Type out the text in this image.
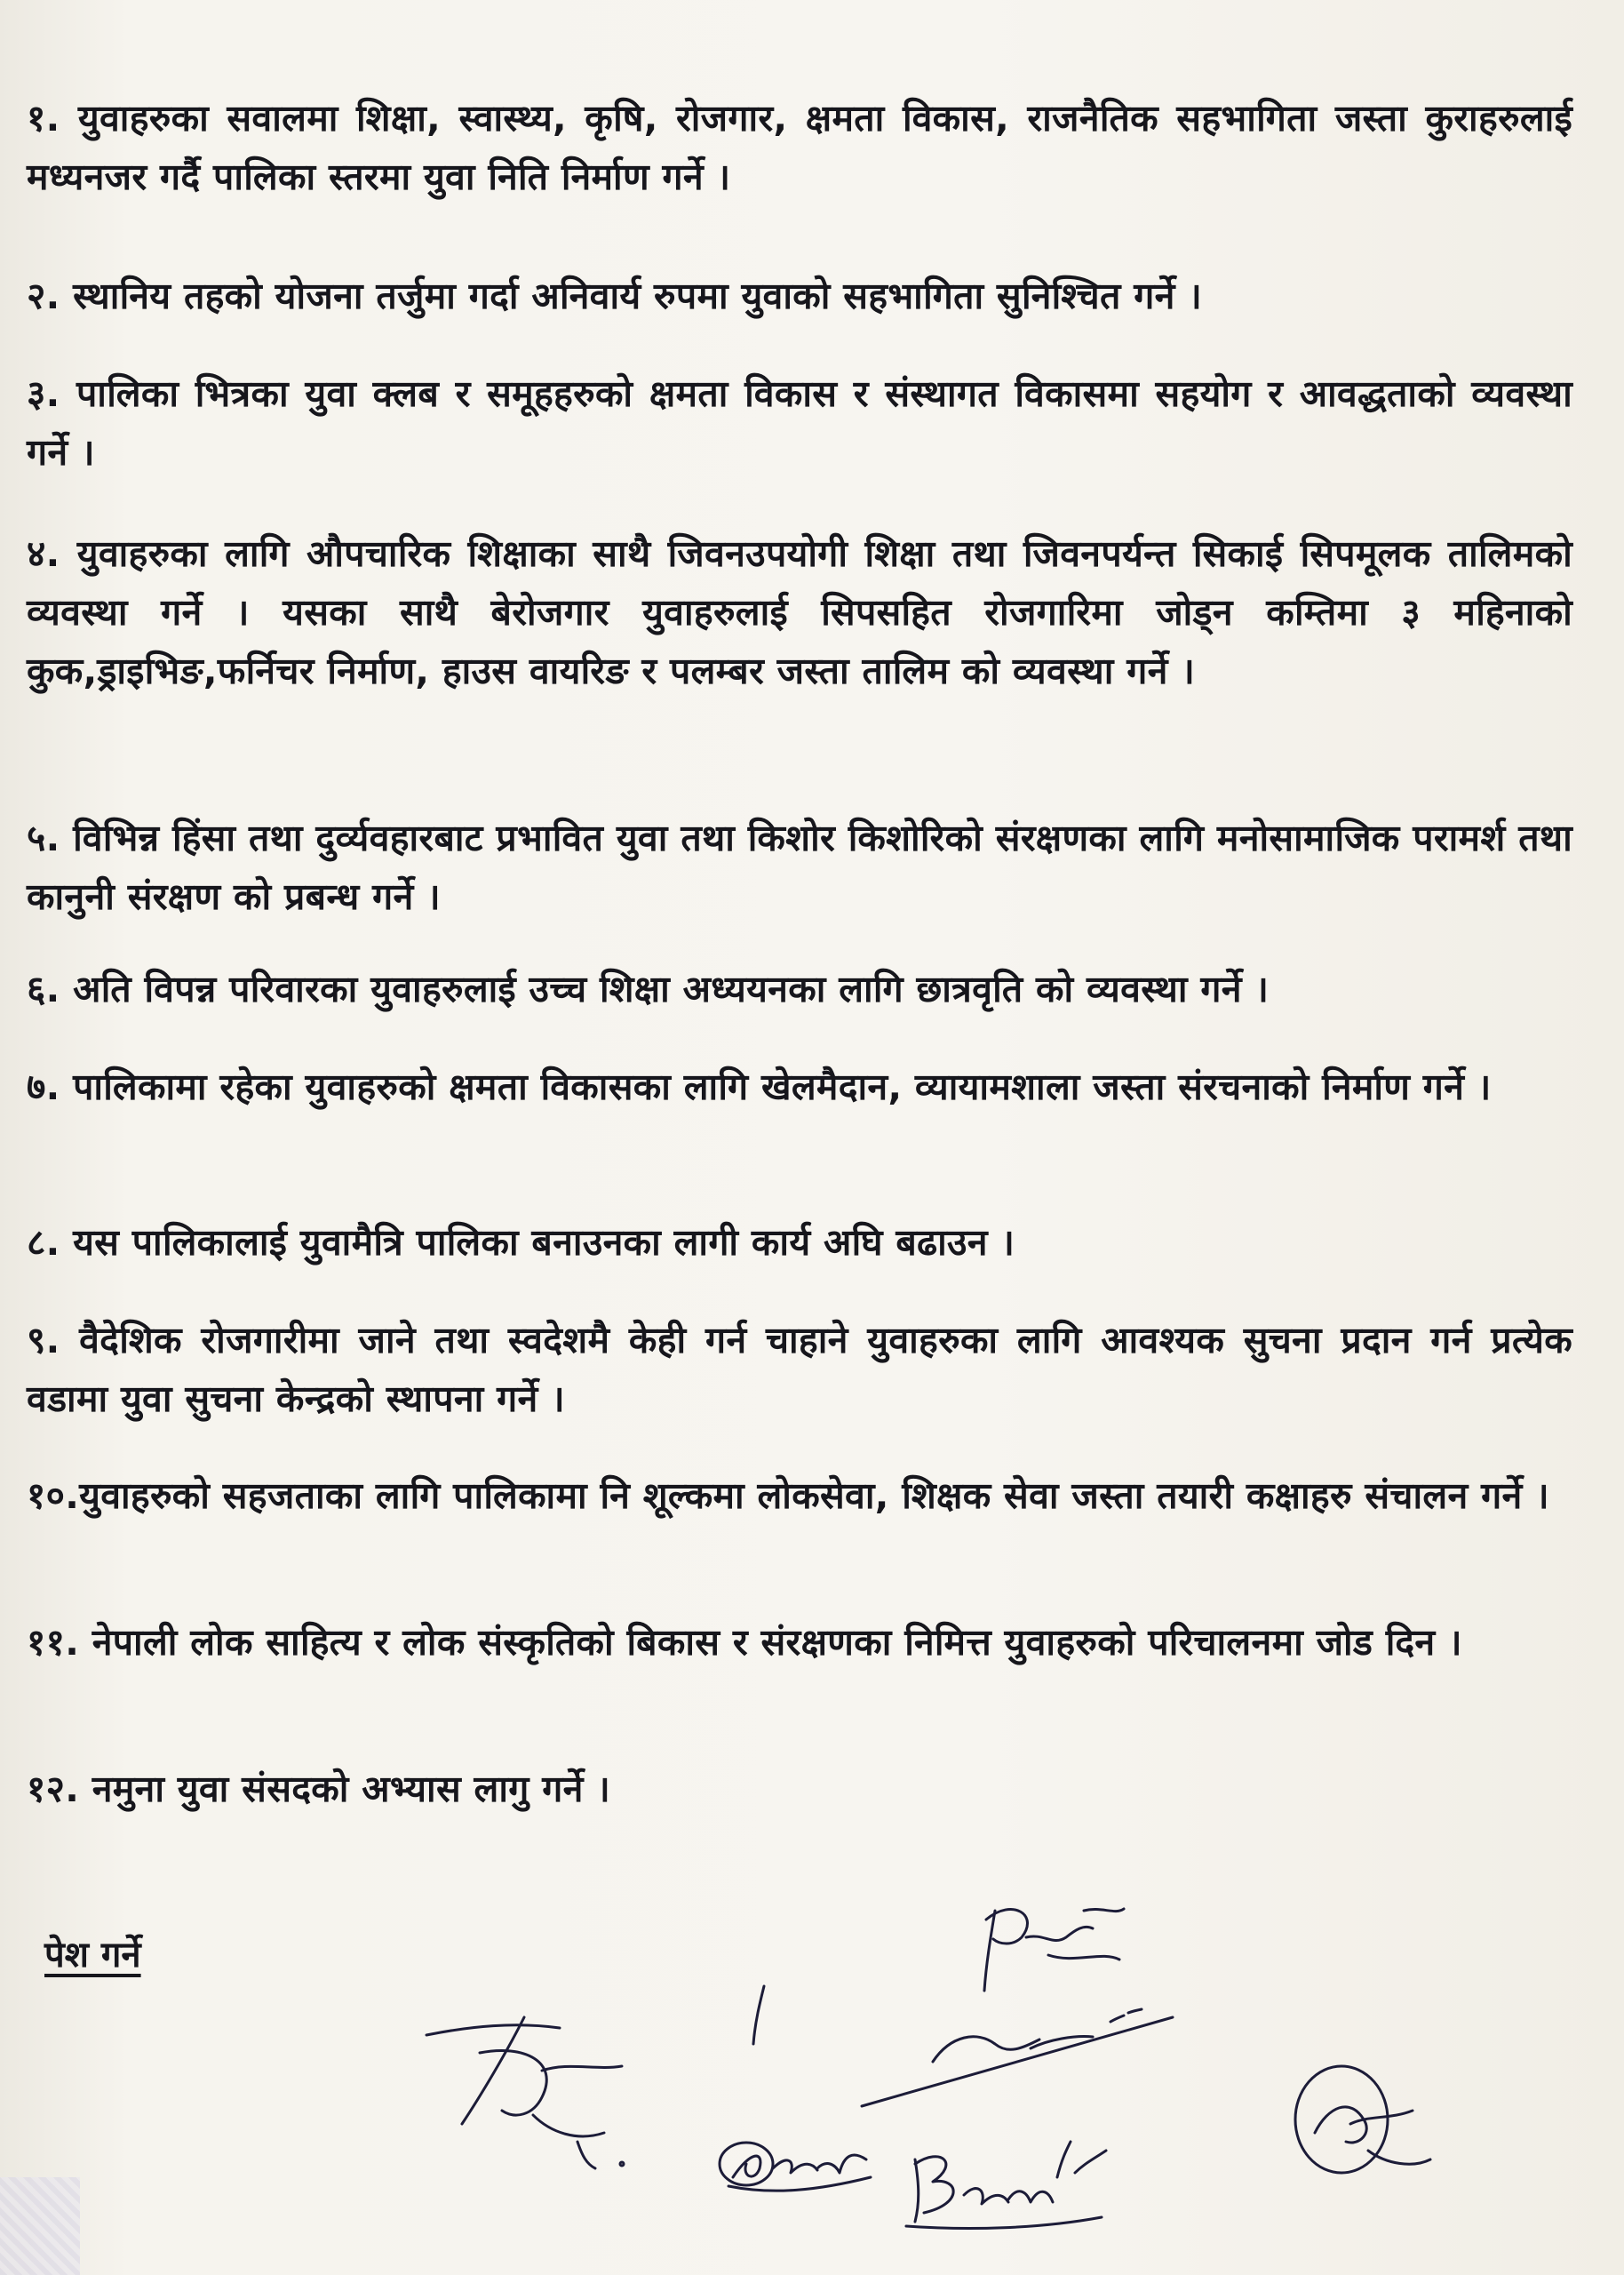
१. युवाहरुका सवालमा शिक्षा, स्वास्थ्य, कृषि, रोजगार, क्षमता विकास, राजनैतिक सहभागिता जस्ता कुराहरुलाई मध्यनजर गर्दै पालिका स्तरमा युवा निति निर्माण गर्ने ।
२. स्थानिय तहको योजना तर्जुमा गर्दा अनिवार्य रुपमा युवाको सहभागिता सुनिश्चित गर्ने ।
३. पालिका भित्रका युवा क्लब र समूहहरुको क्षमता विकास र संस्थागत विकासमा सहयोग र आवद्धताको व्यवस्था गर्ने ।
४. युवाहरुका लागि औपचारिक शिक्षाका साथै जिवनउपयोगी शिक्षा तथा जिवनपर्यन्त सिकाई सिपमूलक तालिमको व्यवस्था गर्ने । यसका साथै बेरोजगार युवाहरुलाई सिपसहित रोजगारिमा जोड्न कम्तिमा ३ महिनाको कुक,ड्राइभिङ,फर्निचर निर्माण, हाउस वायरिङ र पलम्बर जस्ता तालिम को व्यवस्था गर्ने ।
५. विभिन्न हिंसा तथा दुर्व्यवहारबाट प्रभावित युवा तथा किशोर किशोरिको संरक्षणका लागि मनोसामाजिक परामर्श तथा कानुनी संरक्षण को प्रबन्ध गर्ने ।
६. अति विपन्न परिवारका युवाहरुलाई उच्च शिक्षा अध्ययनका लागि छात्रवृति को व्यवस्था गर्ने ।
७. पालिकामा रहेका युवाहरुको क्षमता विकासका लागि खेलमैदान, व्यायामशाला जस्ता संरचनाको निर्माण गर्ने ।
८. यस पालिकालाई युवामैत्रि पालिका बनाउनका लागी कार्य अघि बढाउन ।
९. वैदेशिक रोजगारीमा जाने तथा स्वदेशमै केही गर्न चाहाने युवाहरुका लागि आवश्यक सुचना प्रदान गर्न प्रत्येक वडामा युवा सुचना केन्द्रको स्थापना गर्ने ।
१०.युवाहरुको सहजताका लागि पालिकामा नि शूल्कमा लोकसेवा, शिक्षक सेवा जस्ता तयारी कक्षाहरु संचालन गर्ने ।
११. नेपाली लोक साहित्य र लोक संस्कृतिको बिकास र संरक्षणका निमित्त युवाहरुको परिचालनमा जोड दिन ।
१२. नमुना युवा संसदको अभ्यास लागु गर्ने ।
पेश गर्ने
